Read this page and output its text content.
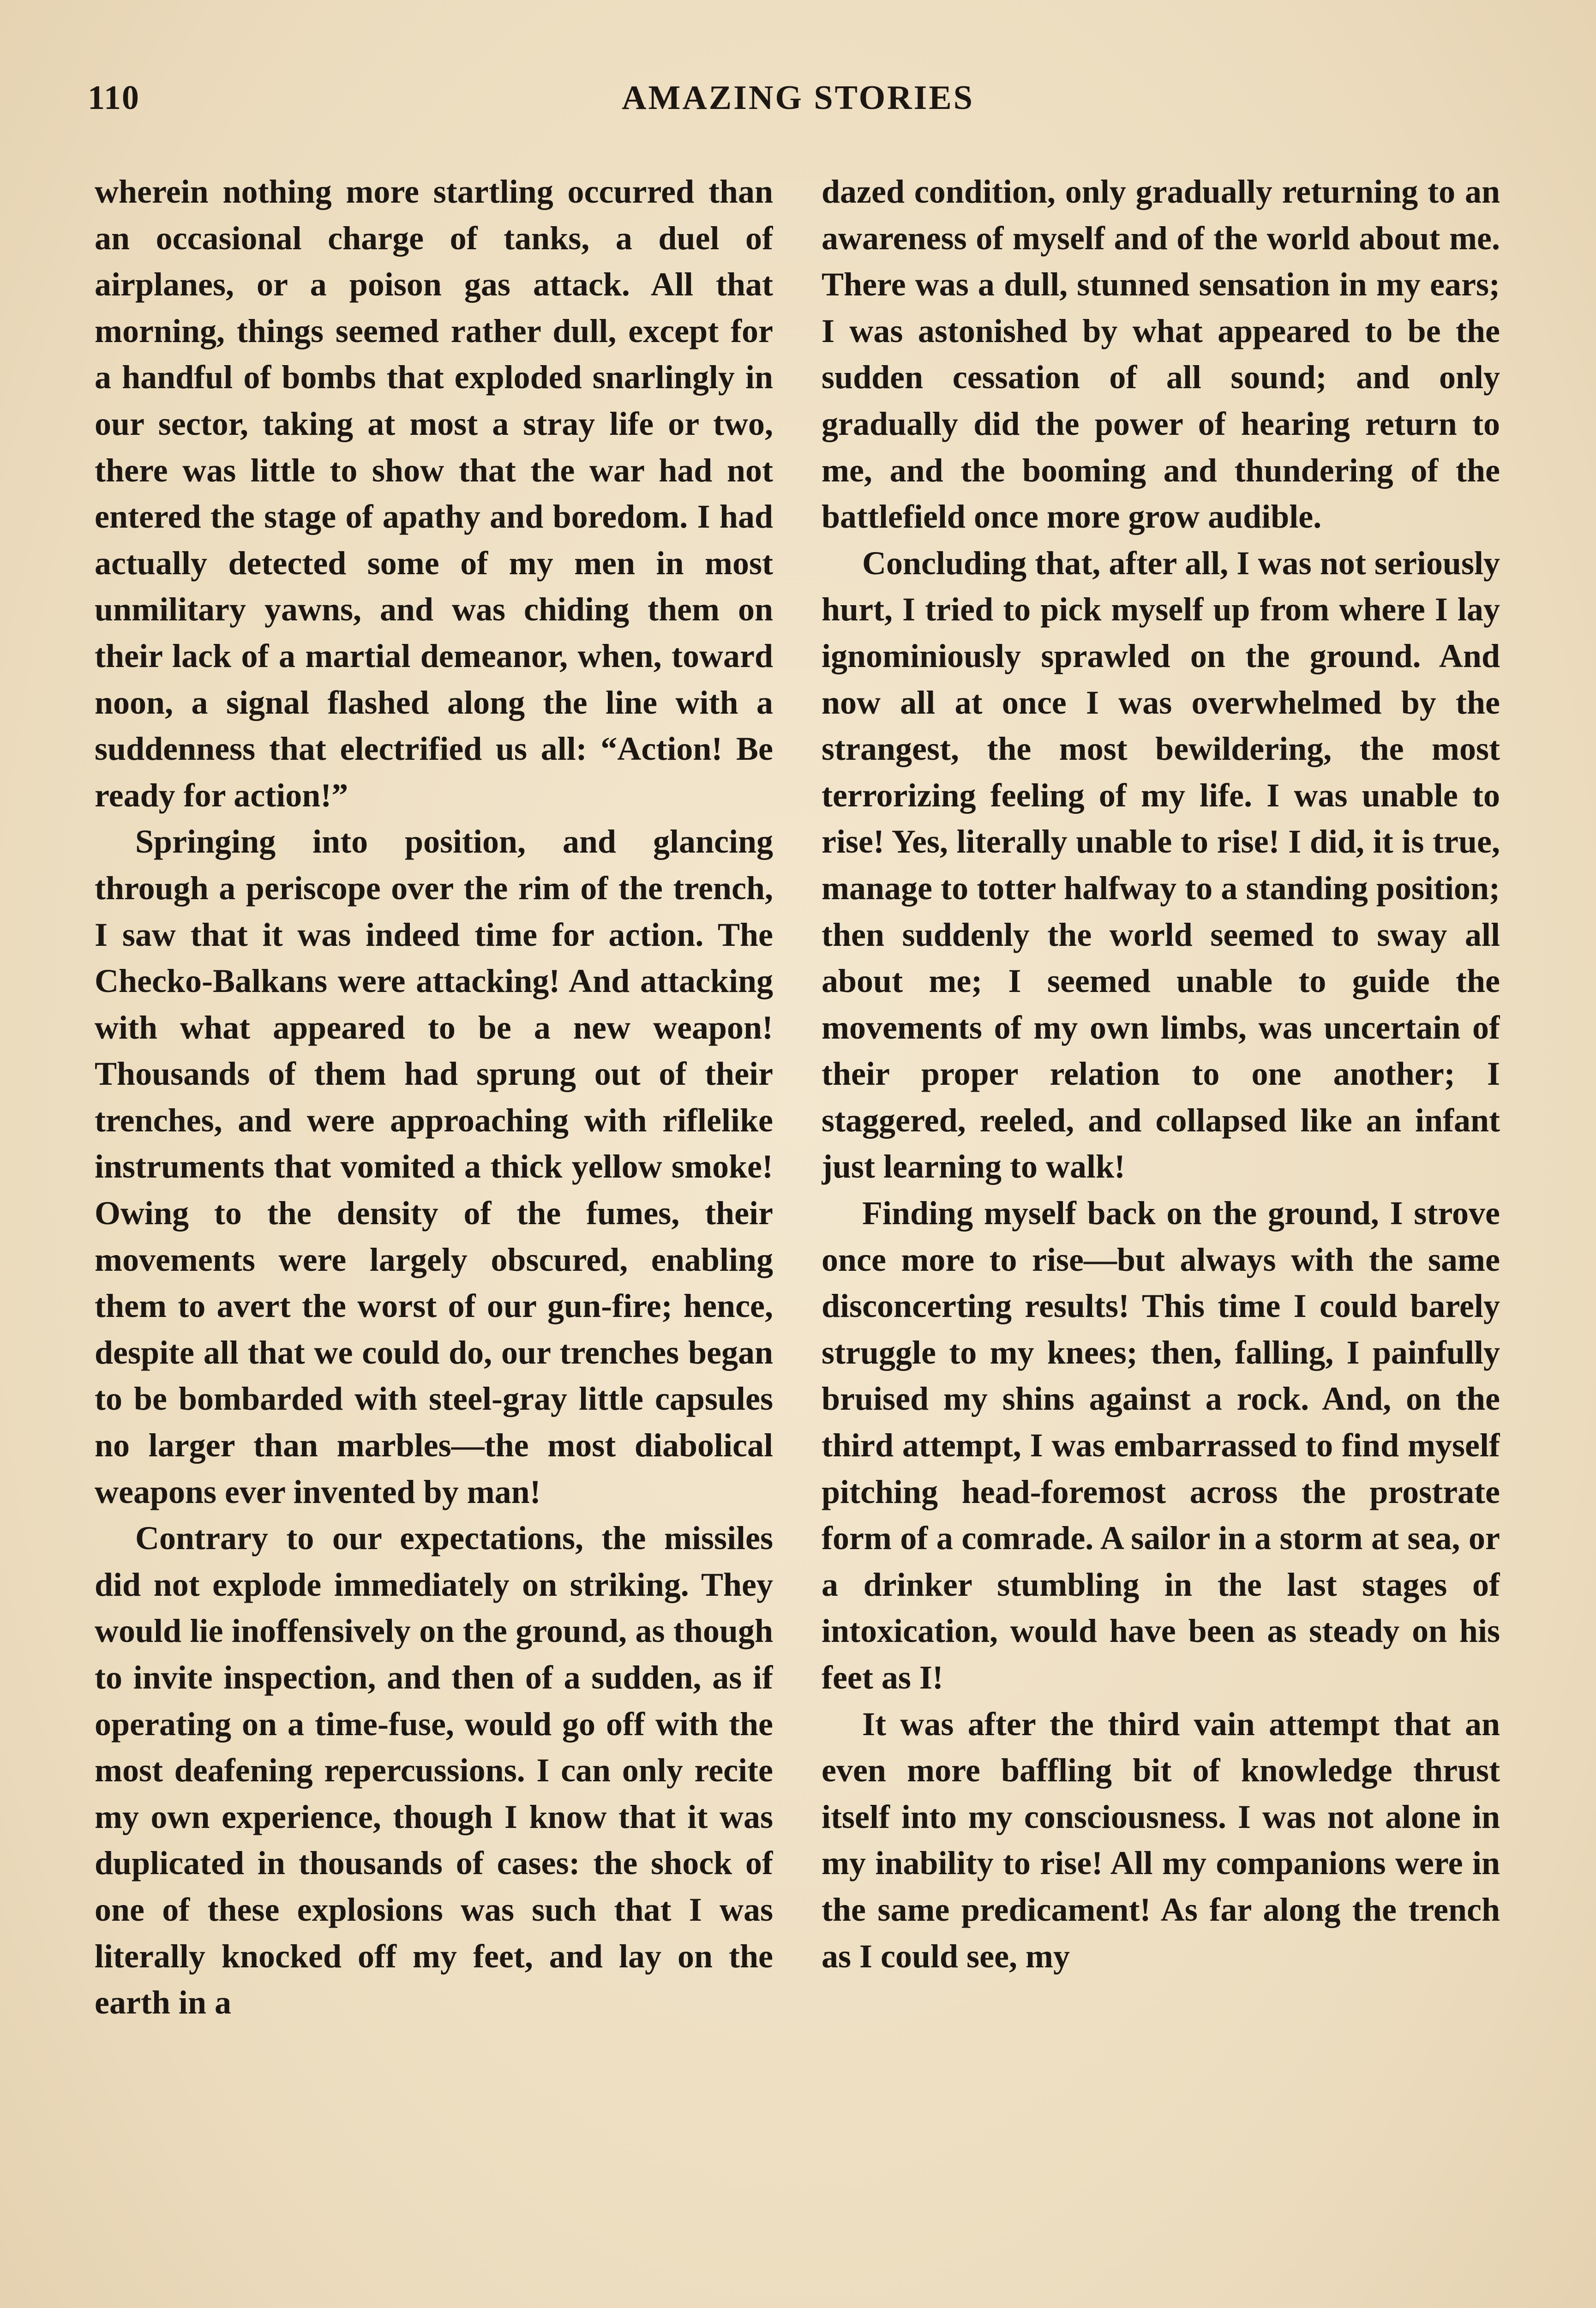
110	AMAZING STORIES

wherein nothing more startling occurred than an occasional charge of tanks, a duel of airplanes, or a poison gas attack. All that morning, things seemed rather dull, except for a handful of bombs that exploded snarlingly in our sector, taking at most a stray life or two, there was little to show that the war had not entered the stage of apathy and boredom. I had actually detected some of my men in most unmilitary yawns, and was chiding them on their lack of a martial demeanor, when, toward noon, a signal flashed along the line with a suddenness that electrified us all: “Action! Be ready for action!”

Springing into position, and glancing through a periscope over the rim of the trench, I saw that it was indeed time for action. The Checko-Balkans were attacking! And attacking with what appeared to be a new weapon! Thousands of them had sprung out of their trenches, and were approaching with riflelike instruments that vomited a thick yellow smoke! Owing to the density of the fumes, their movements were largely obscured, enabling them to avert the worst of our gun-fire; hence, despite all that we could do, our trenches began to be bombarded with steel-gray little capsules no larger than marbles—the most diabolical weapons ever invented by man!

Contrary to our expectations, the missiles did not explode immediately on striking. They would lie inoffensively on the ground, as though to invite inspection, and then of a sudden, as if operating on a time-fuse, would go off with the most deafening repercussions. I can only recite my own experience, though I know that it was duplicated in thousands of cases: the shock of one of these explosions was such that I was literally knocked off my feet, and lay on the earth in a

dazed condition, only gradually returning to an awareness of myself and of the world about me. There was a dull, stunned sensation in my ears; I was astonished by what appeared to be the sudden cessation of all sound; and only gradually did the power of hearing return to me, and the booming and thundering of the battlefield once more grow audible.

Concluding that, after all, I was not seriously hurt, I tried to pick myself up from where I lay ignominiously sprawled on the ground. And now all at once I was overwhelmed by the strangest, the most bewildering, the most terrorizing feeling of my life. I was unable to rise! Yes, literally unable to rise! I did, it is true, manage to totter halfway to a standing position; then suddenly the world seemed to sway all about me; I seemed unable to guide the movements of my own limbs, was uncertain of their proper relation to one another; I staggered, reeled, and collapsed like an infant just learning to walk!

Finding myself back on the ground, I strove once more to rise—but always with the same disconcerting results! This time I could barely struggle to my knees; then, falling, I painfully bruised my shins against a rock. And, on the third attempt, I was embarrassed to find myself pitching head-foremost across the prostrate form of a comrade. A sailor in a storm at sea, or a drinker stumbling in the last stages of intoxication, would have been as steady on his feet as I!

It was after the third vain attempt that an even more baffling bit of knowledge thrust itself into my consciousness. I was not alone in my inability to rise! All my companions were in the same predicament! As far along the trench as I could see, my
